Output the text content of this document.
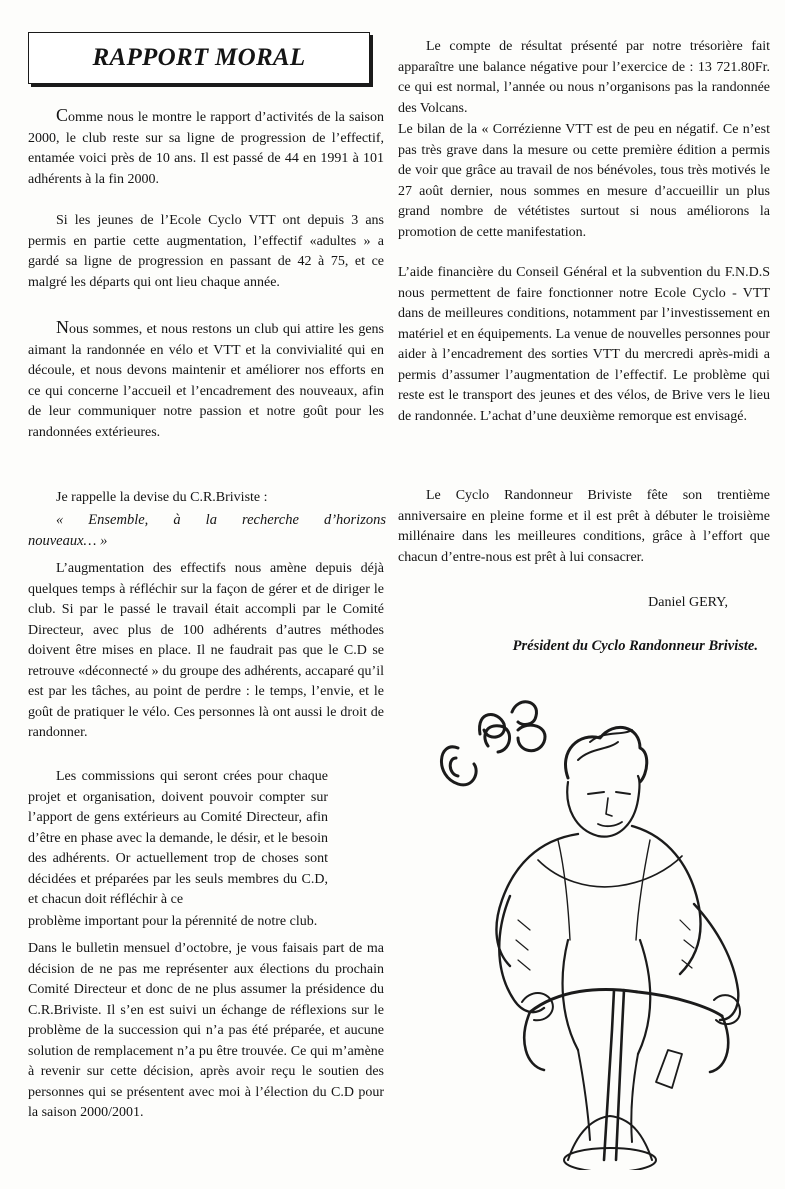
RAPPORT MORAL

Comme nous le montre le rapport d’activités de la saison 2000, le club reste sur sa ligne de progression de l’effectif, entamée voici près de 10 ans. Il est passé de 44 en 1991 à 101 adhérents à la fin 2000.

Si les jeunes de l’Ecole Cyclo VTT ont depuis 3 ans permis en partie cette augmentation, l’effectif «adultes » a gardé sa ligne de progression en passant de 42 à 75, et ce malgré les départs qui ont lieu chaque année.

Nous sommes, et nous restons un club qui attire les gens aimant la randonnée en vélo et VTT et la convivialité qui en découle, et nous devons maintenir et améliorer nos efforts en ce qui concerne l’accueil et l’encadrement des nouveaux, afin de leur communiquer notre passion et notre goût pour les randonnées extérieures.

Je rappelle la devise du C.R.Briviste :

« Ensemble, à la recherche d’horizons

nouveaux… »

L’augmentation des effectifs nous amène depuis déjà quelques temps à réfléchir sur la façon de gérer et de diriger le club. Si par le passé le travail était accompli par le Comité Directeur, avec plus de 100 adhérents d’autres méthodes doivent être mises en place. Il ne faudrait pas que le C.D se retrouve «déconnecté » du groupe des adhérents, accaparé qu’il est par les tâches, au point de perdre : le temps, l’envie, et le goût de pratiquer le vélo. Ces personnes là ont aussi le droit de randonner.

Les commissions qui seront crées pour chaque projet et organisation, doivent pouvoir compter sur l’apport de gens extérieurs au Comité Directeur, afin d’être en phase avec la demande, le désir, et le besoin des adhérents. Or actuellement trop de choses sont décidées et préparées par les seuls membres du C.D, et chacun doit réfléchir à ce

problème important pour la pérennité de notre club.

Dans le bulletin mensuel d’octobre, je vous faisais part de ma décision de ne pas me représenter aux élections du prochain Comité Directeur et donc de ne plus assumer la présidence du C.R.Briviste. Il s’en est suivi un échange de réflexions sur le problème de la succession qui n’a pas été préparée, et aucune solution de remplacement n’a pu être trouvée. Ce qui m’amène à revenir sur cette décision, après avoir reçu le soutien des personnes qui se présentent avec moi à l’élection du C.D pour la saison 2000/2001.

Le compte de résultat présenté par notre trésorière fait apparaître une balance négative pour l’exercice de : 13 721.80Fr. ce qui est normal, l’année ou nous n’organisons pas la randonnée des Volcans.

Le bilan de la « Corrézienne VTT est de peu en négatif. Ce n’est pas très grave dans la mesure ou cette première édition a permis de voir que grâce au travail de nos bénévoles, tous très motivés le 27 août dernier, nous sommes en mesure d’accueillir un plus grand nombre de vététistes surtout si nous améliorons la promotion de cette manifestation.

L’aide financière du Conseil Général et la subvention du F.N.D.S nous permettent de faire fonctionner notre Ecole Cyclo - VTT dans de meilleures conditions, notamment par l’investissement en matériel et en équipements. La venue de nouvelles personnes pour aider à l’encadrement des sorties VTT du mercredi après-midi a permis d’assumer l’augmentation de l’effectif. Le problème qui reste est le transport des jeunes et des vélos, de Brive vers le lieu de randonnée. L’achat d’une deuxième remorque est envisagé.

Le Cyclo Randonneur Briviste fête son trentième anniversaire en pleine forme et il est prêt à débuter le troisième millénaire dans les meilleures conditions, grâce à l’effort que chacun d’entre-nous est prêt à lui consacrer.

Daniel GERY,

Président du Cyclo Randonneur Briviste.
